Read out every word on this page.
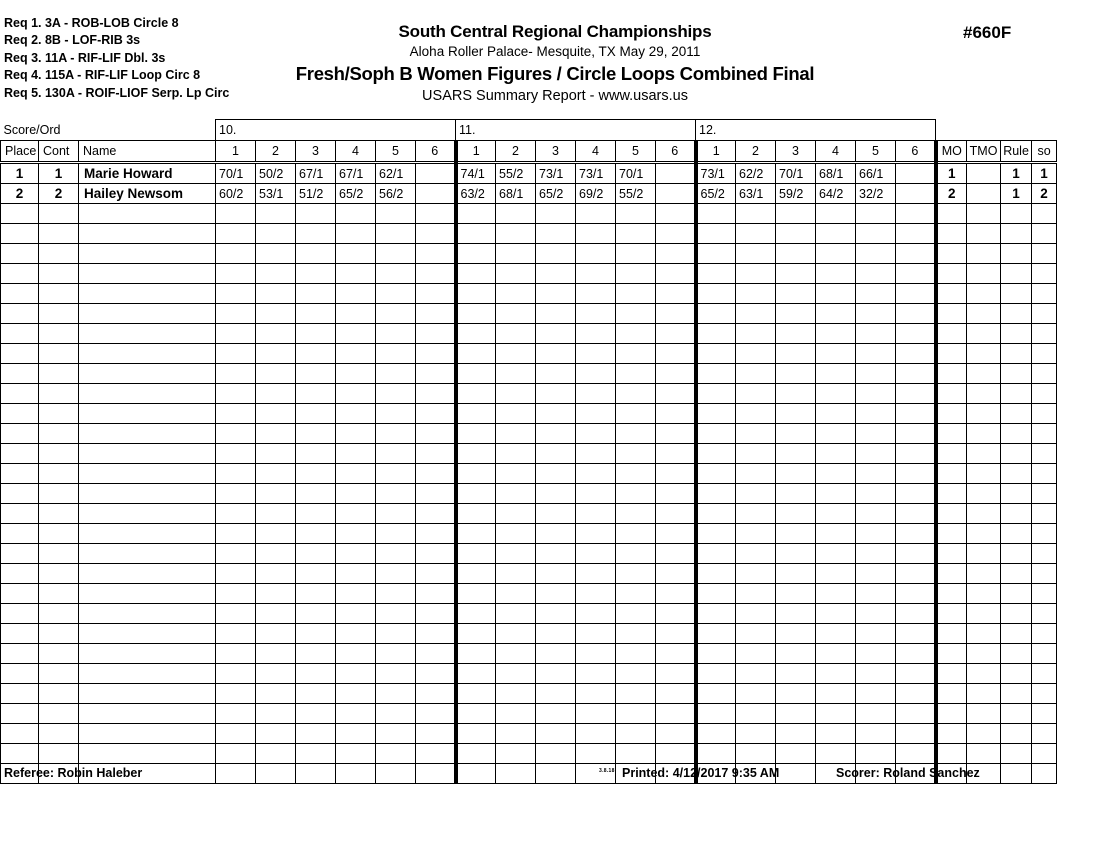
Req 1. 3A - ROB-LOB Circle 8
Req 2. 8B - LOF-RIB 3s
Req 3. 11A - RIF-LIF Dbl. 3s
Req 4. 115A - RIF-LIF Loop Circ 8
Req 5. 130A - ROIF-LIOF Serp. Lp Circ
South Central Regional Championships
Aloha Roller Palace- Mesquite, TX May 29, 2011
Fresh/Soph B Women Figures / Circle Loops Combined Final
USARS Summary Report - www.usars.us
#660F
Score/Ord			10.						11.						12.									
Place	Cont	Name	1	2	3	4	5	6	1	2	3	4	5	6	1	2	3	4	5	6	MO	TMO	Rule	so
1	1	Marie Howard	70/1	50/2	67/1	67/1	62/1		74/1	55/2	73/1	73/1	70/1		73/1	62/2	70/1	68/1	66/1		1		1	1
2	2	Hailey Newsom	60/2	53/1	51/2	65/2	56/2		63/2	68/1	65/2	69/2	55/2		65/2	63/1	59/2	64/2	32/2		2		1	2

Referee: Robin Haleber	3.8.18 Printed: 4/12/2017 9:35 AM	Scorer: Roland Sanchez
